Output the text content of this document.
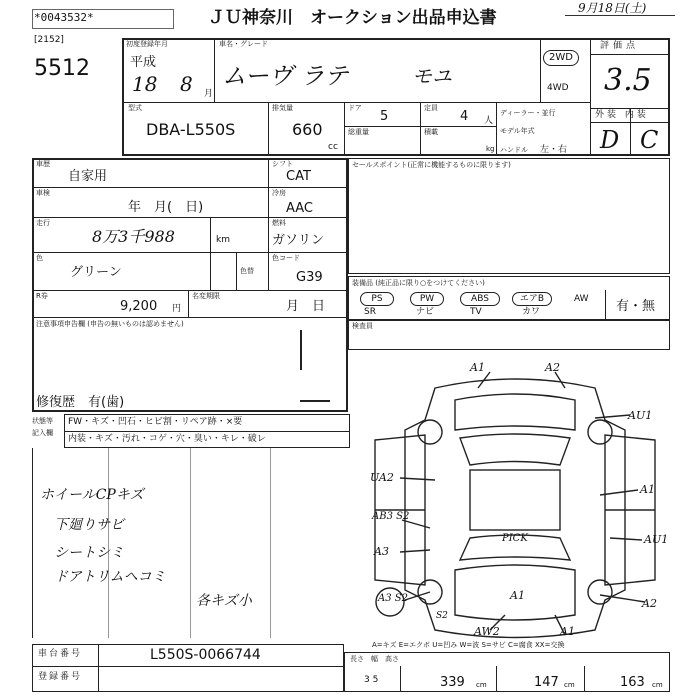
*0043532*	ＪＵ神奈川　オークション出品申込書	9月18日(土)
[2152]
5512
初度登録年月
平成
18 8 月
車名・グレード
ムーヴ ラテ	モユ
2WD
4WD
評価点
3.5
型式
DBA-L550S
排気量
660
cc
ドア
5
定員
4 人
総重量	積載
kg
ディーラー・並行
モデル年式
ハンドル 左・右
外装 内装
D C
車歴
自家用
車検
年　月(　日)
走行
8万3千988	km
色
グリーン	色替
シフト
CAT
冷房
AAC
燃料
ガソリン
色コード
G39
R券
9,200 円
名変期限
月　日
注意事項申告欄 (申告の無いものは認めません)
修復歴　有(歯)
セールスポイント(正常に機能するものに限ります)
装備品 (純正品に限り○をつけてください)
PS	PW	ABS	エアB	AW
SR	ナビ	TV	カワ	有・無
検査員
状態等
記入欄
FW・キズ・凹石・ヒビ割・リペア跡・×要
内装・キズ・汚れ・コゲ・穴・臭い・キレ・破レ
ホイールCPキズ
下廻りサビ
シートシミ
ドアトリムヘコミ
各キズ小
A1	A2
AU1
UA2
A1
AB3 S2
A3
PICK
A1
AU1
A3 S2	A2
AW2	A1
S2
A=キズ E=エクボ U=凹み W=波 S=サビ C=腐食 XX=交換
車台番号	L550S-0066744
登録番号
長さ　幅　高さ
3 5	339 cm	147 cm	163 cm
